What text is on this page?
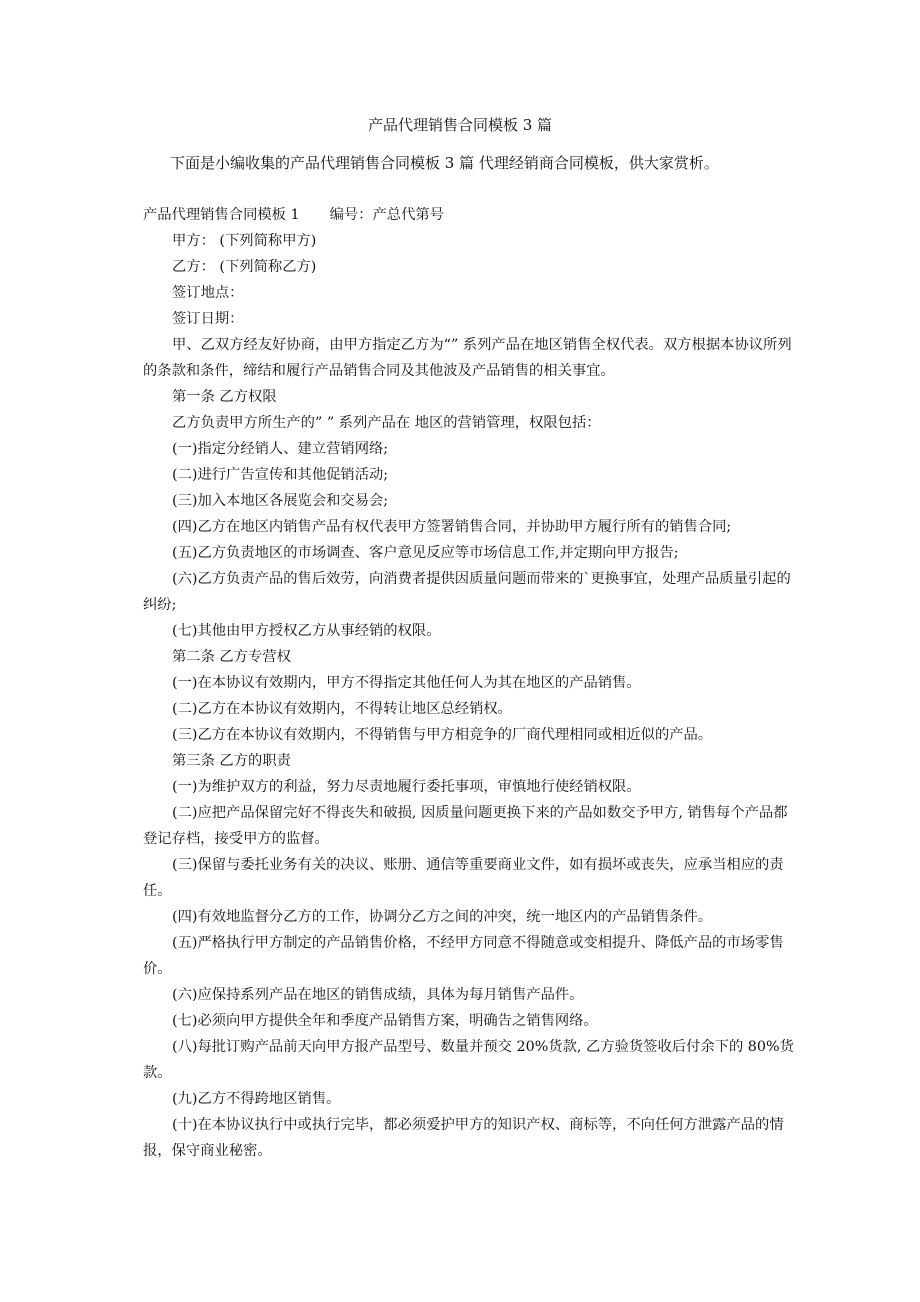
产品代理销售合同模板 3 篇
下面是小编收集的产品代理销售合同模板 3 篇 代理经销商合同模板，供大家赏析。

产品代理销售合同模板 1 编号：产总代第号

甲方： (下列简称甲方)

乙方： (下列简称乙方)

签订地点：

签订日期：

甲、乙双方经友好协商，由甲方指定乙方为“” 系列产品在地区销售全权代表。双方根据本协议所列的条款和条件，缔结和履行产品销售合同及其他波及产品销售的相关事宜。

第一条 乙方权限

乙方负责甲方所生产的” ” 系列产品在 地区的营销管理，权限包括：

(一)指定分经销人、建立营销网络;

(二)进行广告宣传和其他促销活动;

(三)加入本地区各展览会和交易会;

(四)乙方在地区内销售产品有权代表甲方签署销售合同，并协助甲方履行所有的销售合同;

(五)乙方负责地区的市场调查、客户意见反应等市场信息工作,并定期向甲方报告;

(六)乙方负责产品的售后效劳，向消费者提供因质量问题而带来的`更换事宜，处理产品质量引起的纠纷;

(七)其他由甲方授权乙方从事经销的权限。

第二条 乙方专营权

(一)在本协议有效期内，甲方不得指定其他任何人为其在地区的产品销售。

(二)乙方在本协议有效期内，不得转让地区总经销权。

(三)乙方在本协议有效期内，不得销售与甲方相竞争的厂商代理相同或相近似的产品。

第三条 乙方的职责

(一)为维护双方的利益，努力尽责地履行委托事项，审慎地行使经销权限。

(二)应把产品保留完好不得丧失和破损, 因质量问题更换下来的产品如数交予甲方, 销售每个产品都登记存档，接受甲方的监督。

(三)保留与委托业务有关的决议、账册、通信等重要商业文件，如有损坏或丧失，应承当相应的责任。

(四)有效地监督分乙方的工作，协调分乙方之间的冲突，统一地区内的产品销售条件。

(五)严格执行甲方制定的产品销售价格，不经甲方同意不得随意或变相提升、降低产品的市场零售价。

(六)应保持系列产品在地区的销售成绩，具体为每月销售产品件。

(七)必须向甲方提供全年和季度产品销售方案，明确告之销售网络。

(八)每批订购产品前天向甲方报产品型号、数量并预交 20%货款, 乙方验货签收后付余下的 80%货款。

(九)乙方不得跨地区销售。

(十)在本协议执行中或执行完毕，都必须爱护甲方的知识产权、商标等，不向任何方泄露产品的情报，保守商业秘密。
